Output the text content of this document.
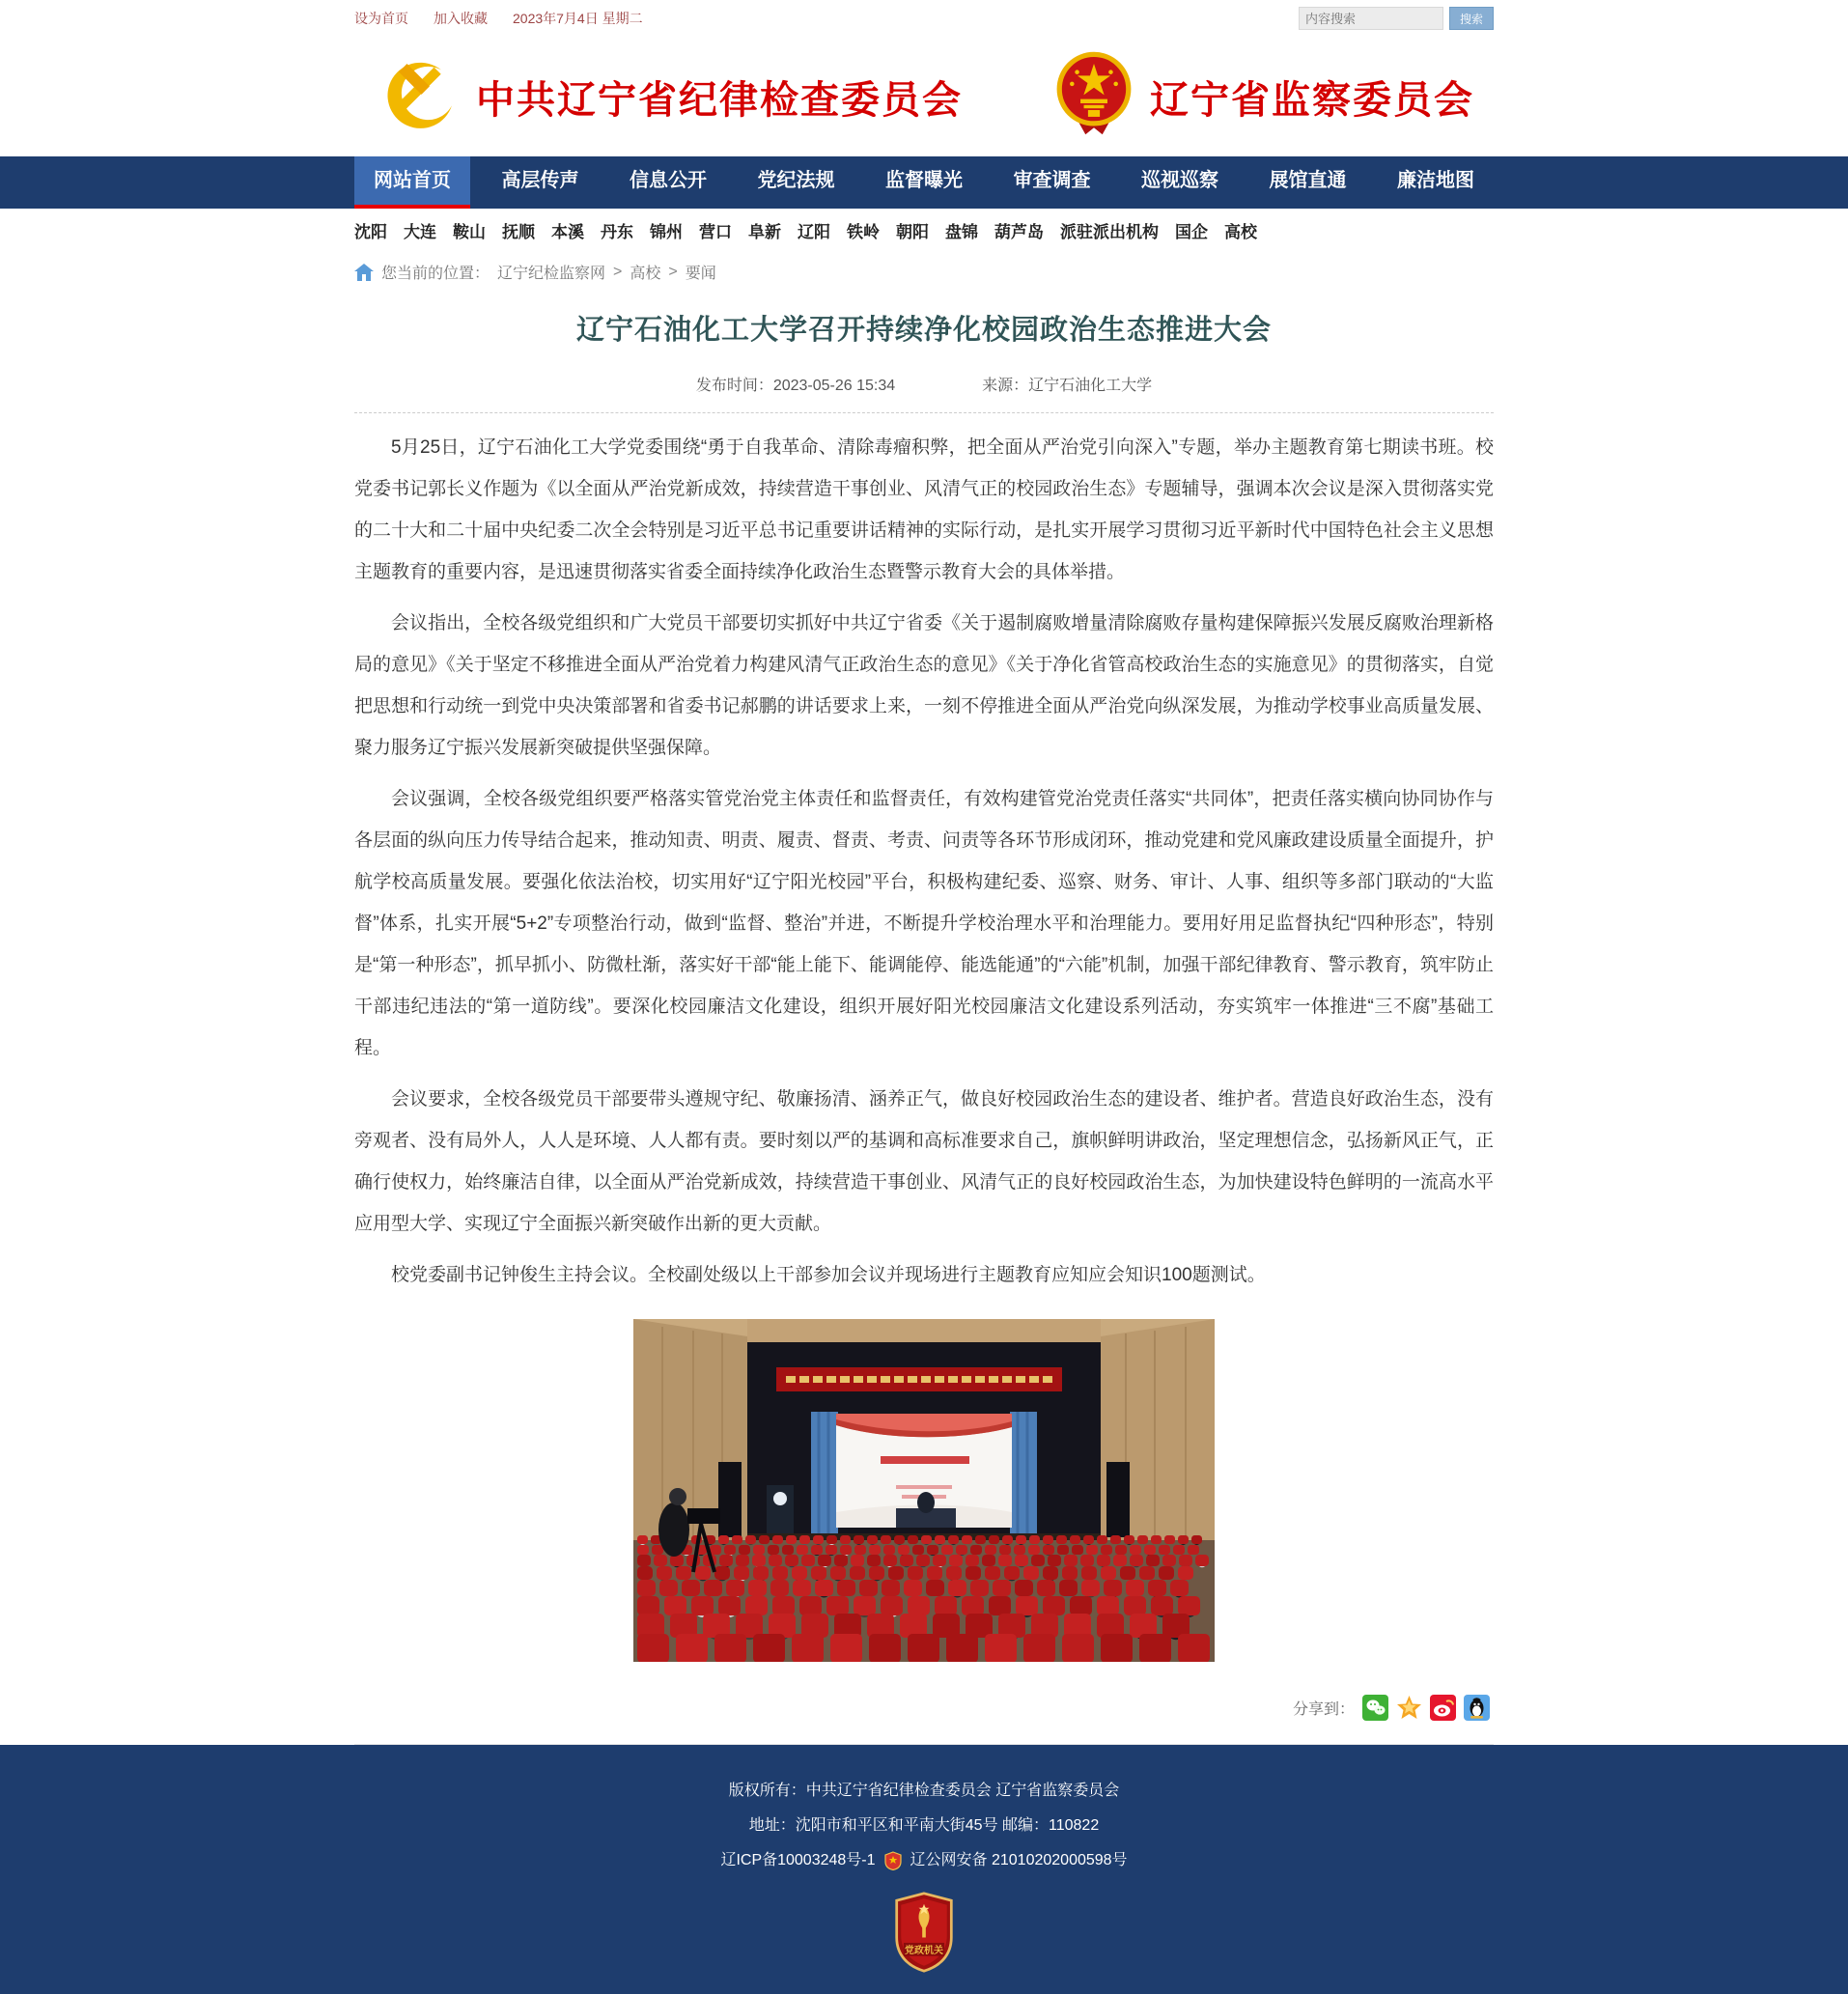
设为首页 加入收藏 2023年7月4日 星期二
内容搜索	搜索
中共辽宁省纪律检查委员会	辽宁省监察委员会
网站首页	高层传声	信息公开	党纪法规	监督曝光	审查调查	巡视巡察	展馆直通	廉洁地图
沈阳 大连 鞍山 抚顺 本溪 丹东 锦州 营口 阜新 辽阳 铁岭 朝阳 盘锦 葫芦岛 派驻派出机构 国企 高校
您当前的位置： 辽宁纪检监察网 > 高校 > 要闻
辽宁石油化工大学召开持续净化校园政治生态推进大会
发布时间：2023-05-26 15:34	来源：辽宁石油化工大学

5月25日，辽宁石油化工大学党委围绕“勇于自我革命、清除毒瘤积弊，把全面从严治党引向深入”专题，举办主题教育第七期读书班。校党委书记郭长义作题为《以全面从严治党新成效，持续营造干事创业、风清气正的校园政治生态》专题辅导，强调本次会议是深入贯彻落实党的二十大和二十届中央纪委二次全会特别是习近平总书记重要讲话精神的实际行动，是扎实开展学习贯彻习近平新时代中国特色社会主义思想主题教育的重要内容，是迅速贯彻落实省委全面持续净化政治生态暨警示教育大会的具体举措。

会议指出，全校各级党组织和广大党员干部要切实抓好中共辽宁省委《关于遏制腐败增量清除腐败存量构建保障振兴发展反腐败治理新格局的意见》《关于坚定不移推进全面从严治党着力构建风清气正政治生态的意见》《关于净化省管高校政治生态的实施意见》的贯彻落实，自觉把思想和行动统一到党中央决策部署和省委书记郝鹏的讲话要求上来，一刻不停推进全面从严治党向纵深发展，为推动学校事业高质量发展、聚力服务辽宁振兴发展新突破提供坚强保障。

会议强调，全校各级党组织要严格落实管党治党主体责任和监督责任，有效构建管党治党责任落实“共同体”，把责任落实横向协同协作与各层面的纵向压力传导结合起来，推动知责、明责、履责、督责、考责、问责等各环节形成闭环，推动党建和党风廉政建设质量全面提升，护航学校高质量发展。要强化依法治校，切实用好“辽宁阳光校园”平台，积极构建纪委、巡察、财务、审计、人事、组织等多部门联动的“大监督”体系，扎实开展“5+2”专项整治行动，做到“监督、整治”并进，不断提升学校治理水平和治理能力。要用好用足监督执纪“四种形态”，特别是“第一种形态”，抓早抓小、防微杜渐，落实好干部“能上能下、能调能停、能选能通”的“六能”机制，加强干部纪律教育、警示教育，筑牢防止干部违纪违法的“第一道防线”。要深化校园廉洁文化建设，组织开展好阳光校园廉洁文化建设系列活动，夯实筑牢一体推进“三不腐”基础工程。

会议要求，全校各级党员干部要带头遵规守纪、敬廉扬清、涵养正气，做良好校园政治生态的建设者、维护者。营造良好政治生态，没有旁观者、没有局外人，人人是环境、人人都有责。要时刻以严的基调和高标准要求自己，旗帜鲜明讲政治，坚定理想信念，弘扬新风正气，正确行使权力，始终廉洁自律，以全面从严治党新成效，持续营造干事创业、风清气正的良好校园政治生态，为加快建设特色鲜明的一流高水平应用型大学、实现辽宁全面振兴新突破作出新的更大贡献。

校党委副书记钟俊生主持会议。全校副处级以上干部参加会议并现场进行主题教育应知应会知识100题测试。

分享到：
版权所有：中共辽宁省纪律检查委员会 辽宁省监察委员会
地址：沈阳市和平区和平南大街45号 邮编：110822
辽ICP备10003248号-1 辽公网安备 21010202000598号
党政机关
